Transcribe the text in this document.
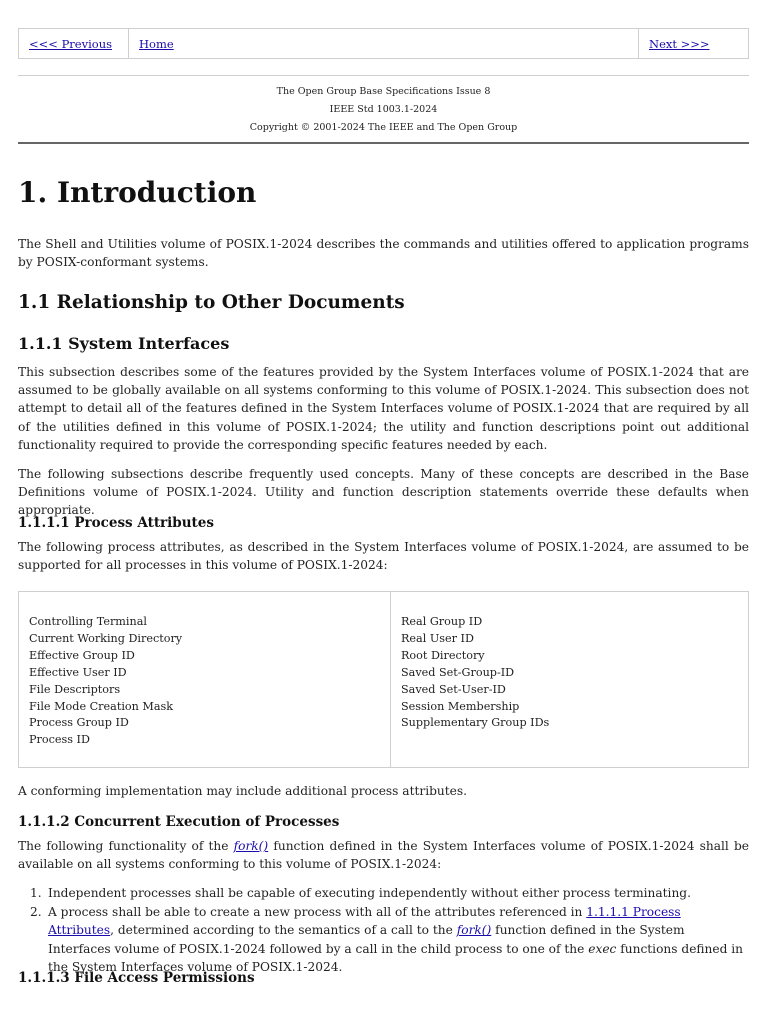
<<< Previous Home	Next >>>
The Open Group Base Specifications Issue 8
IEEE Std 1003.1-2024
Copyright © 2001-2024 The IEEE and The Open Group
1. Introduction

The Shell and Utilities volume of POSIX.1-2024 describes the commands and utilities offered to application programs by POSIX-conformant systems.

1.1 Relationship to Other Documents
1.1.1 System Interfaces

This subsection describes some of the features provided by the System Interfaces volume of POSIX.1-2024 that are assumed to be globally available on all systems conforming to this volume of POSIX.1-2024. This subsection does not attempt to detail all of the features defined in the System Interfaces volume of POSIX.1-2024 that are required by all of the utilities defined in this volume of POSIX.1-2024; the utility and function descriptions point out additional functionality required to provide the corresponding specific features needed by each.

The following subsections describe frequently used concepts. Many of these concepts are described in the Base Definitions volume of POSIX.1-2024. Utility and function description statements override these defaults when appropriate.

1.1.1.1 Process Attributes

The following process attributes, as described in the System Interfaces volume of POSIX.1-2024, are assumed to be supported for all processes in this volume of POSIX.1-2024:

Controlling Terminal
Current Working Directory
Effective Group ID
Effective User ID
File Descriptors
File Mode Creation Mask
Process Group ID
Process ID
Real Group ID
Real User ID
Root Directory
Saved Set-Group-ID
Saved Set-User-ID
Session Membership
Supplementary Group IDs

A conforming implementation may include additional process attributes.

1.1.1.2 Concurrent Execution of Processes

The following functionality of the fork() function defined in the System Interfaces volume of POSIX.1-2024 shall be available on all systems conforming to this volume of POSIX.1-2024:

1. Independent processes shall be capable of executing independently without either process terminating.
2. A process shall be able to create a new process with all of the attributes referenced in 1.1.1.1 Process Attributes, determined according to the semantics of a call to the fork() function defined in the System Interfaces volume of POSIX.1-2024 followed by a call in the child process to one of the exec functions defined in the System Interfaces volume of POSIX.1-2024.
1.1.1.3 File Access Permissions
